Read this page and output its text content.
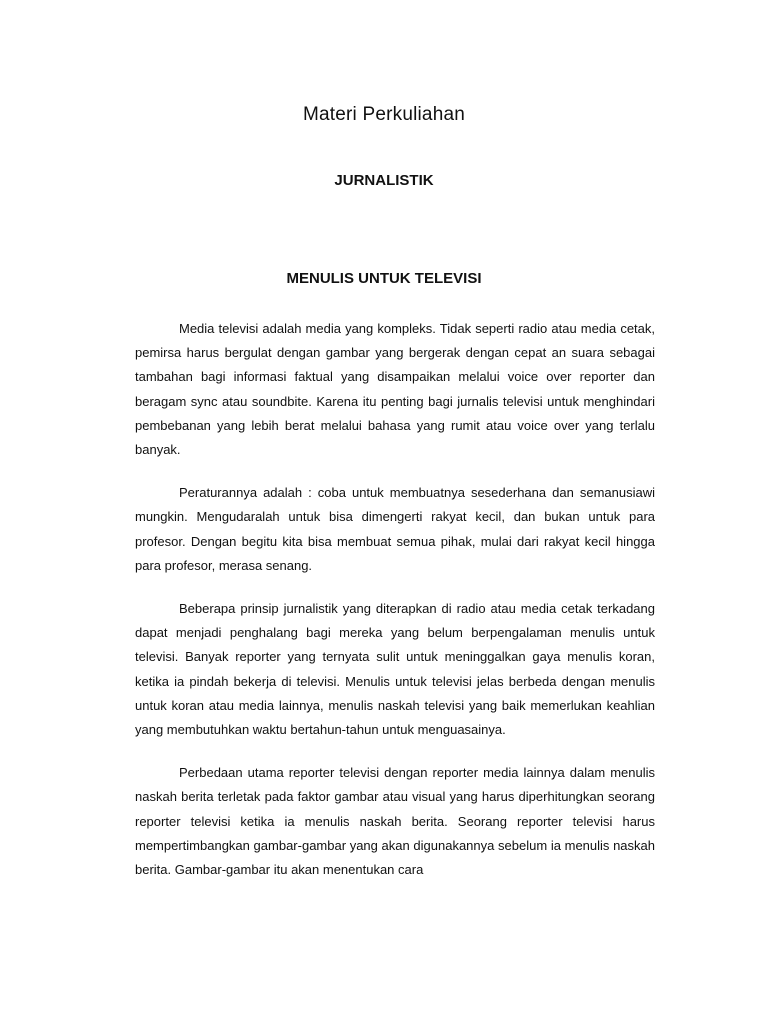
Materi Perkuliahan
JURNALISTIK
MENULIS UNTUK TELEVISI

Media televisi adalah media yang kompleks. Tidak seperti radio atau media cetak, pemirsa harus bergulat dengan gambar yang bergerak dengan cepat an suara sebagai tambahan bagi informasi faktual yang disampaikan melalui voice over reporter dan beragam sync atau soundbite. Karena itu penting bagi jurnalis televisi untuk menghindari pembebanan yang lebih berat melalui bahasa yang rumit atau voice over yang terlalu banyak.

Peraturannya adalah : coba untuk membuatnya sesederhana dan semanusiawi mungkin. Mengudaralah untuk bisa dimengerti rakyat kecil, dan bukan untuk para profesor. Dengan begitu kita bisa membuat semua pihak, mulai dari rakyat kecil hingga para profesor, merasa senang.

Beberapa prinsip jurnalistik yang diterapkan di radio atau media cetak terkadang dapat menjadi penghalang bagi mereka yang belum berpengalaman menulis untuk televisi. Banyak reporter yang ternyata sulit untuk meninggalkan gaya menulis koran, ketika ia pindah bekerja di televisi. Menulis untuk televisi jelas berbeda dengan menulis untuk koran atau media lainnya, menulis naskah televisi yang baik memerlukan keahlian yang membutuhkan waktu bertahun-tahun untuk menguasainya.

Perbedaan utama reporter televisi dengan reporter media lainnya dalam menulis naskah berita terletak pada faktor gambar atau visual yang harus diperhitungkan seorang reporter televisi ketika ia menulis naskah berita. Seorang reporter televisi harus mempertimbangkan gambar-gambar yang akan digunakannya sebelum ia menulis naskah berita. Gambar-gambar itu akan menentukan cara
